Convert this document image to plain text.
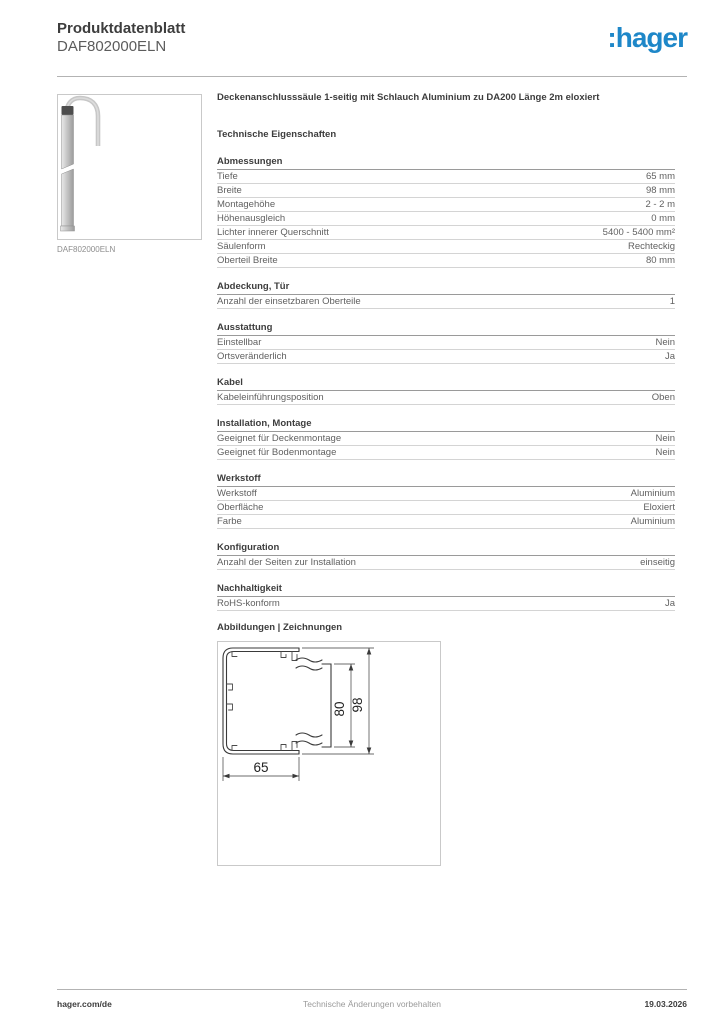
Produktdatenblatt
DAF802000ELN	:hager
DAF802000ELN
Deckenanschlusssäule 1-seitig mit Schlauch Aluminium zu DA200 Länge 2m eloxiert
Technische Eigenschaften
Abmessungen
Tiefe	65 mm
Breite	98 mm
Montagehöhe	2 - 2 m
Höhenausgleich	0 mm
Lichter innerer Querschnitt	5400 - 5400 mm²
Säulenform	Rechteckig
Oberteil Breite	80 mm
Abdeckung, Tür
Anzahl der einsetzbaren Oberteile	1
Ausstattung
Einstellbar	Nein
Ortsveränderlich	Ja
Kabel
Kabeleinführungsposition	Oben
Installation, Montage
Geeignet für Deckenmontage	Nein
Geeignet für Bodenmontage	Nein
Werkstoff
Werkstoff	Aluminium
Oberfläche	Eloxiert
Farbe	Aluminium
Konfiguration
Anzahl der Seiten zur Installation	einseitig
Nachhaltigkeit
RoHS-konform	Ja
Abbildungen | Zeichnungen
80 98
65
hager.com/de	Technische Änderungen vorbehalten	19.03.2026
